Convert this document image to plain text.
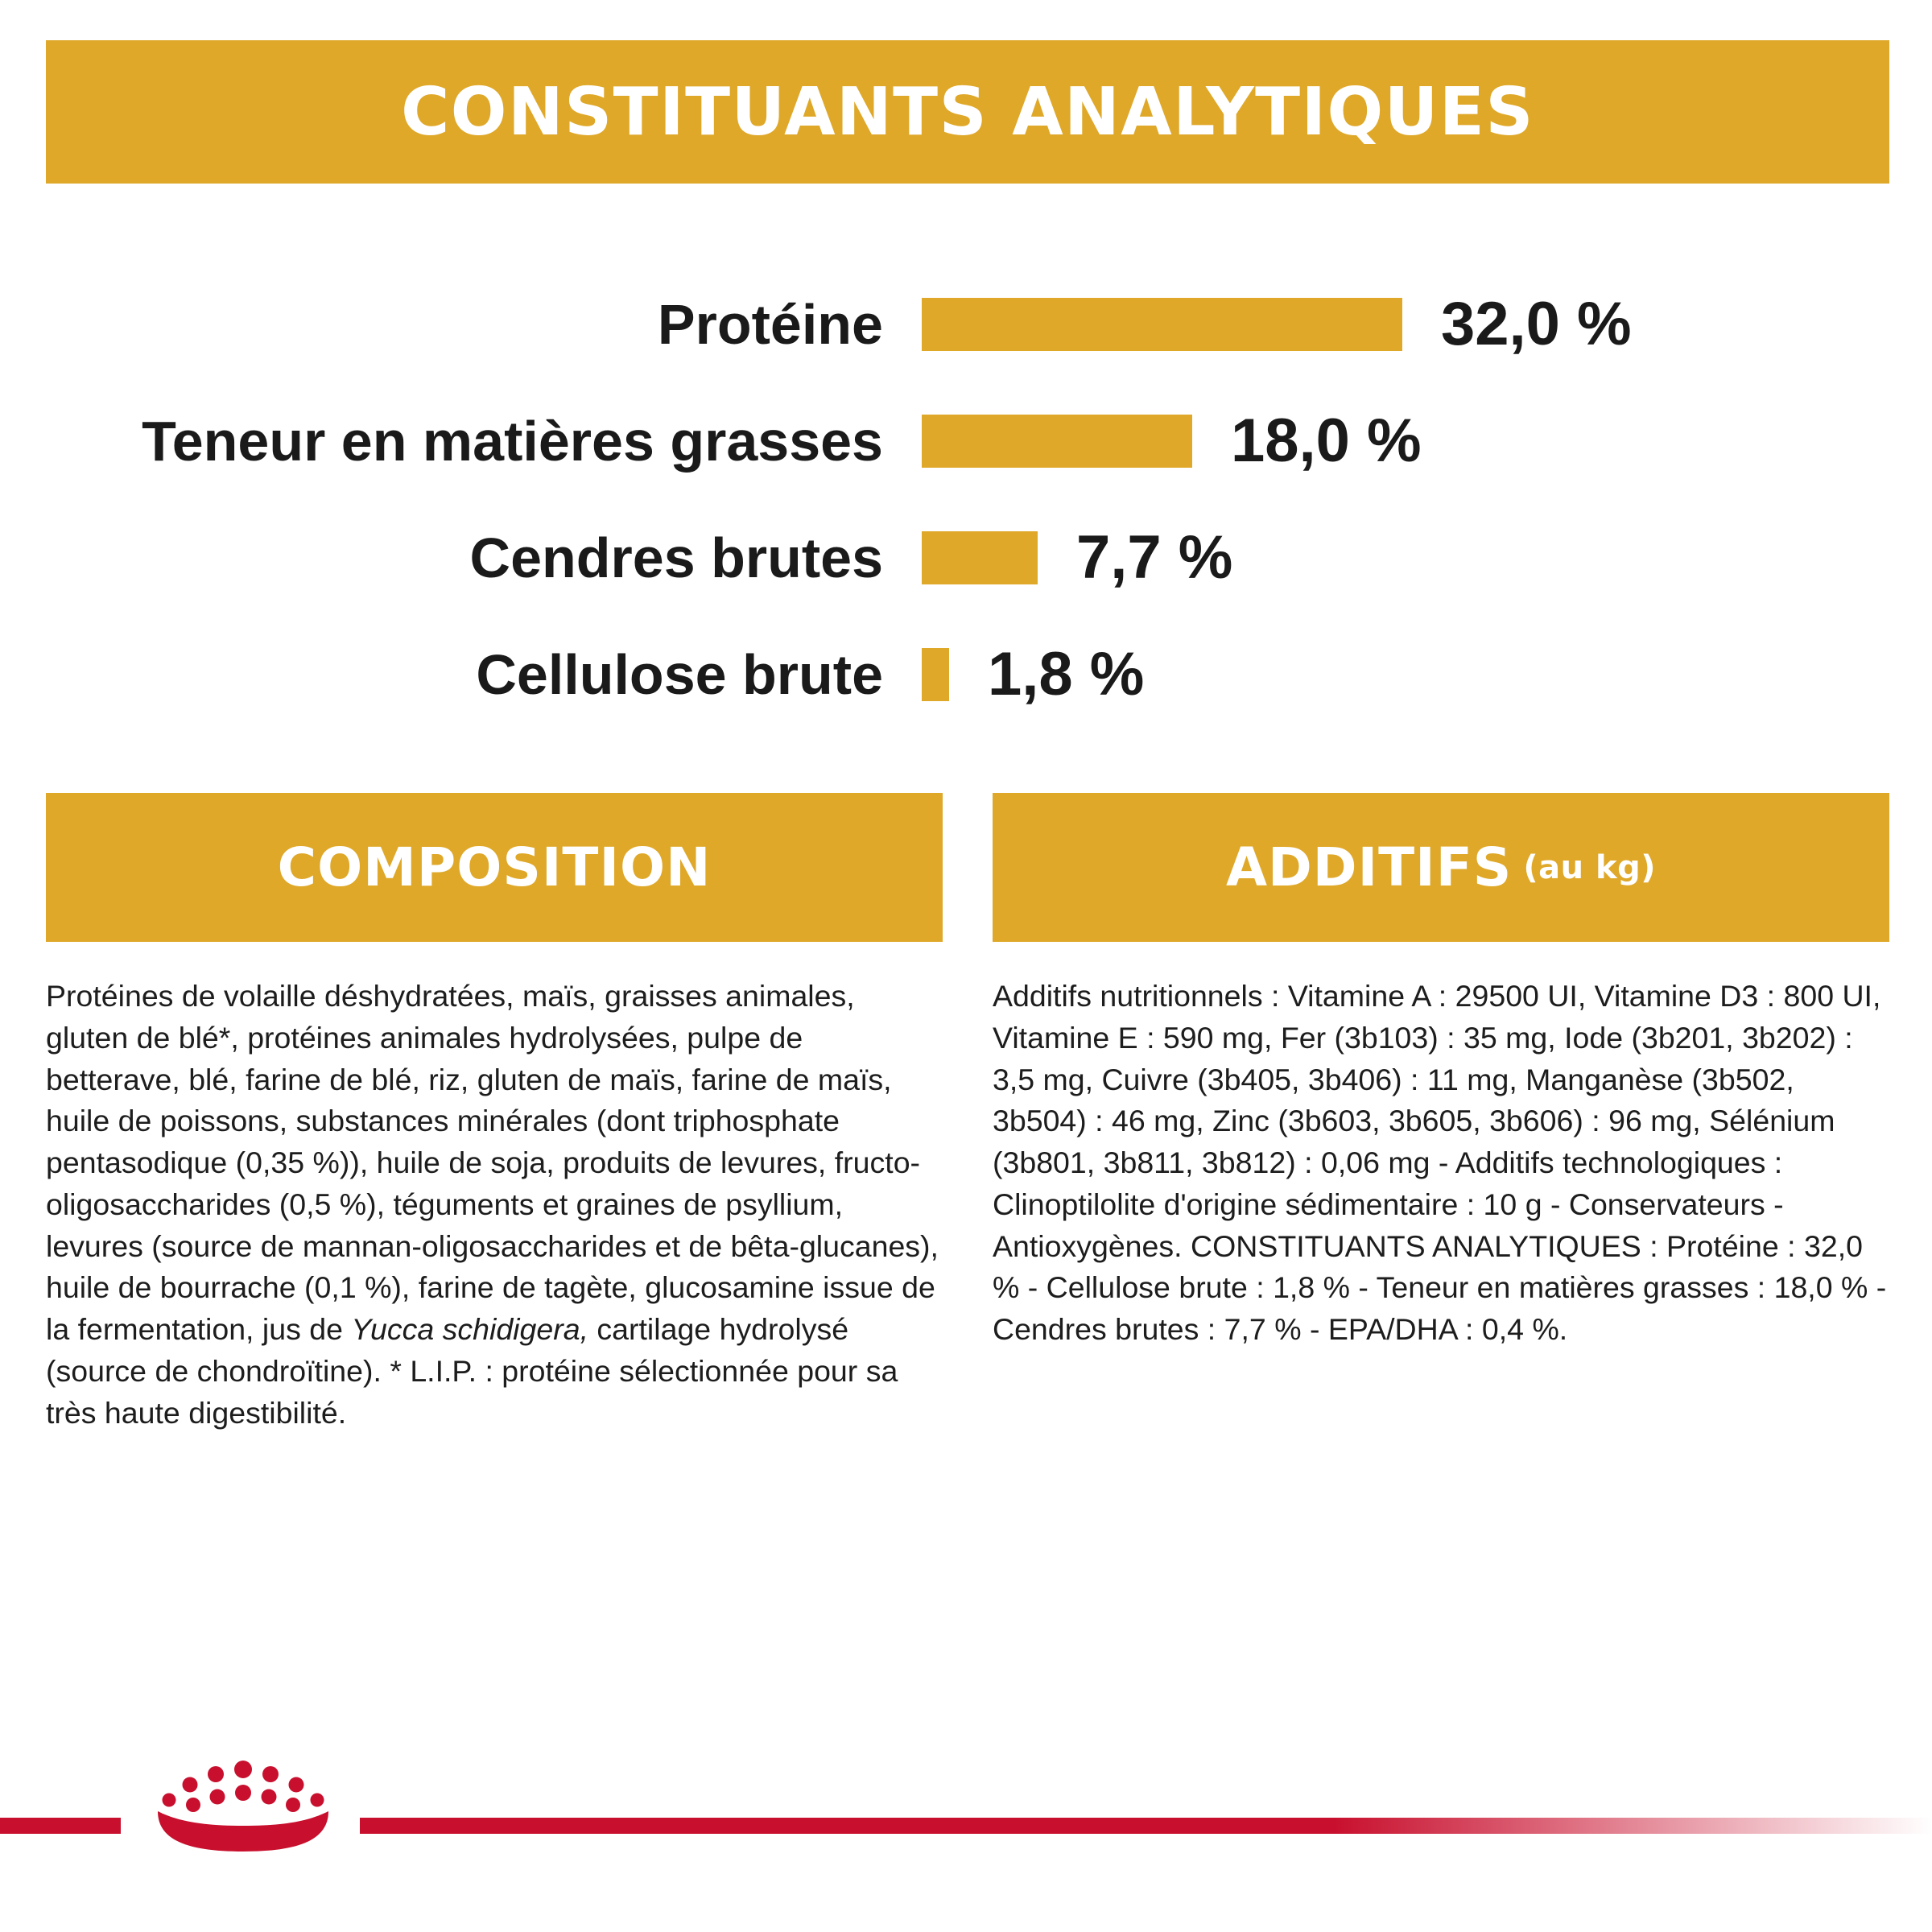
CONSTITUANTS ANALYTIQUES
Protéine	32,0 %
Teneur en matières grasses	18,0 %
Cendres brutes	7,7 %
Cellulose brute	1,8 %
COMPOSITION
Protéines de volaille déshydratées, maïs, graisses animales, gluten de blé*, protéines animales hydrolysées, pulpe de betterave, blé, farine de blé, riz, gluten de maïs, farine de maïs, huile de poissons, substances minérales (dont triphosphate pentasodique (0,35 %)), huile de soja, produits de levures, fructo-oligosaccharides (0,5 %), téguments et graines de psyllium, levures (source de mannan-oligosaccharides et de bêta-glucanes), huile de bourrache (0,1 %), farine de tagète, glucosamine issue de la fermentation, jus de Yucca schidigera, cartilage hydrolysé (source de chondroïtine). * L.I.P. : protéine sélectionnée pour sa très haute digestibilité.
ADDITIFS (au kg)
Additifs nutritionnels : Vitamine A : 29500 UI, Vitamine D3 : 800 UI, Vitamine E : 590 mg, Fer (3b103) : 35 mg, Iode (3b201, 3b202) : 3,5 mg, Cuivre (3b405, 3b406) : 11 mg, Manganèse (3b502, 3b504) : 46 mg, Zinc (3b603, 3b605, 3b606) : 96 mg, Sélénium (3b801, 3b811, 3b812) : 0,06 mg - Additifs technologiques : Clinoptilolite d'origine sédimentaire : 10 g - Conservateurs - Antioxygènes. CONSTITUANTS ANALYTIQUES : Protéine : 32,0 % - Cellulose brute : 1,8 % - Teneur en matières grasses : 18,0 % - Cendres brutes : 7,7 % - EPA/DHA : 0,4 %.
